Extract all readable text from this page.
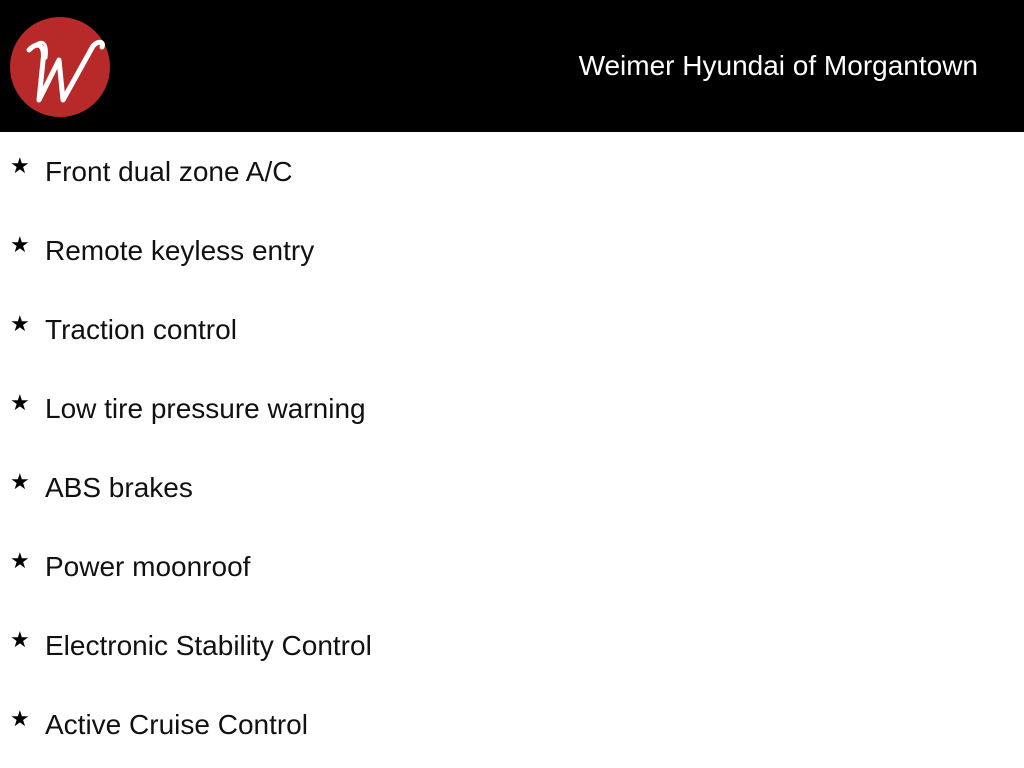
Weimer Hyundai of Morgantown
★ Front dual zone A/C
★ Remote keyless entry
★ Traction control
★ Low tire pressure warning
★ ABS brakes
★ Power moonroof
★ Electronic Stability Control
★ Active Cruise Control
